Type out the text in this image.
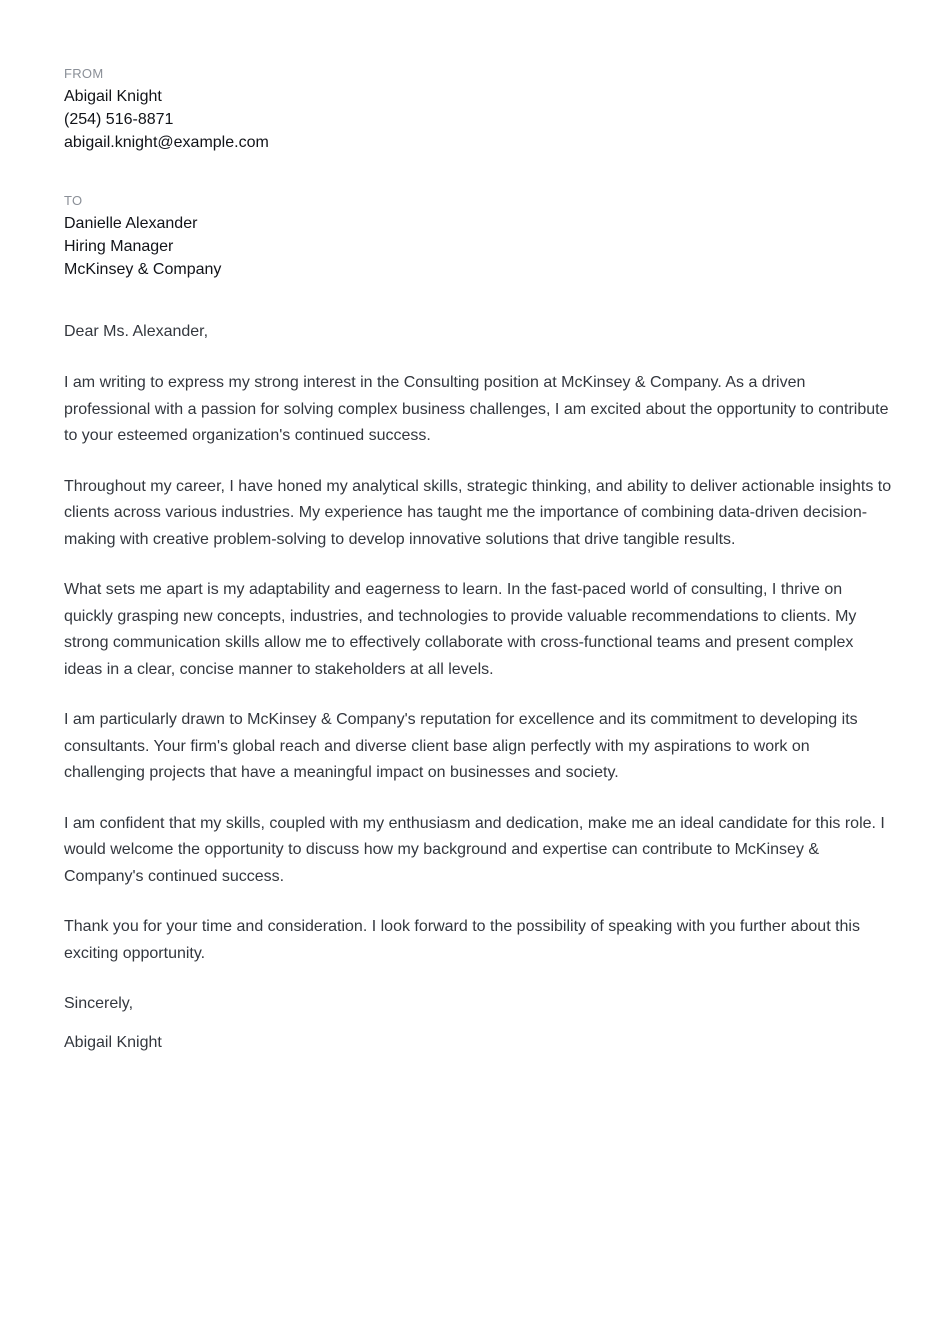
FROM

Abigail Knight

(254) 516-8871

abigail.knight@example.com

TO

Danielle Alexander

Hiring Manager

McKinsey & Company

Dear Ms. Alexander,

I am writing to express my strong interest in the Consulting position at McKinsey & Company. As a driven professional with a passion for solving complex business challenges, I am excited about the opportunity to contribute to your esteemed organization's continued success.

Throughout my career, I have honed my analytical skills, strategic thinking, and ability to deliver actionable insights to clients across various industries. My experience has taught me the importance of combining data-driven decision-making with creative problem-solving to develop innovative solutions that drive tangible results.

What sets me apart is my adaptability and eagerness to learn. In the fast-paced world of consulting, I thrive on quickly grasping new concepts, industries, and technologies to provide valuable recommendations to clients. My strong communication skills allow me to effectively collaborate with cross-functional teams and present complex ideas in a clear, concise manner to stakeholders at all levels.

I am particularly drawn to McKinsey & Company's reputation for excellence and its commitment to developing its consultants. Your firm's global reach and diverse client base align perfectly with my aspirations to work on challenging projects that have a meaningful impact on businesses and society.

I am confident that my skills, coupled with my enthusiasm and dedication, make me an ideal candidate for this role. I would welcome the opportunity to discuss how my background and expertise can contribute to McKinsey & Company's continued success.

Thank you for your time and consideration. I look forward to the possibility of speaking with you further about this exciting opportunity.

Sincerely,

Abigail Knight
